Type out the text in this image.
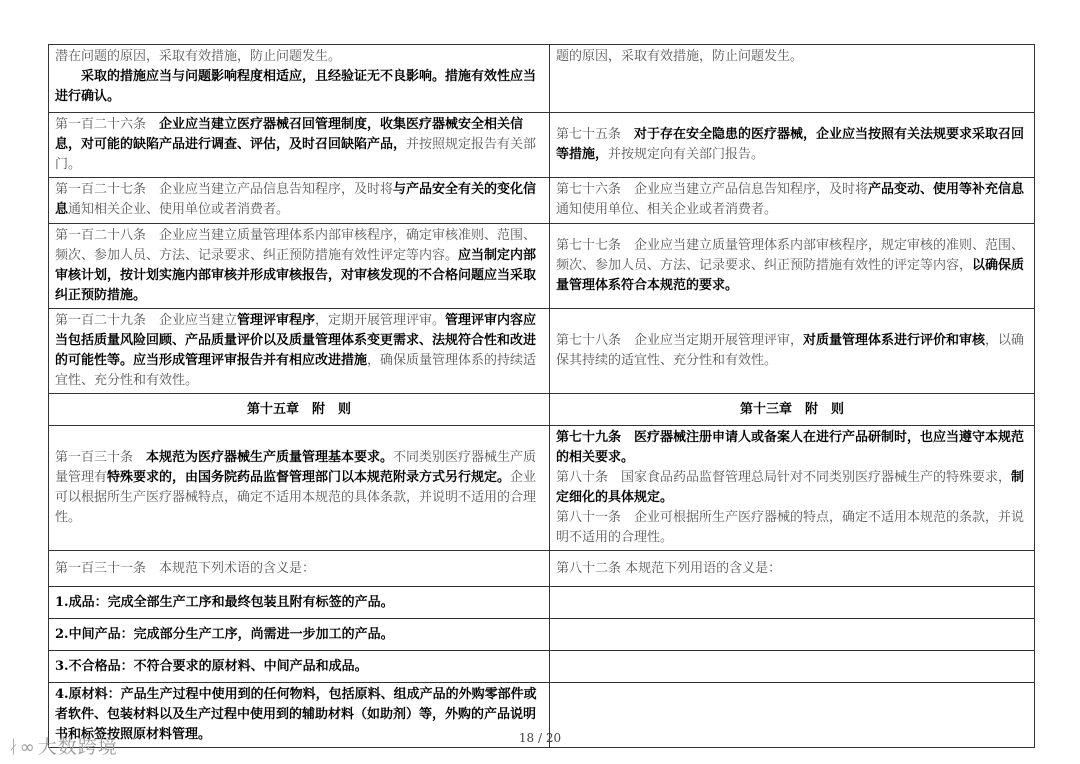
潜在问题的原因，采取有效措施，防止问题发生。
采取的措施应当与问题影响程度相适应，且经验证无不良影响。措施有效性应当进行确认。	题的原因，采取有效措施，防止问题发生。

第一百二十六条　企业应当建立医疗器械召回管理制度，收集医疗器械安全相关信息，对可能的缺陷产品进行调查、评估，及时召回缺陷产品，并按照规定报告有关部门。	第七十五条　对于存在安全隐患的医疗器械，企业应当按照有关法规要求采取召回等措施，并按规定向有关部门报告。
第一百二十七条　企业应当建立产品信息告知程序，及时将与产品安全有关的变化信息通知相关企业、使用单位或者消费者。	第七十六条　企业应当建立产品信息告知程序，及时将产品变动、使用等补充信息通知使用单位、相关企业或者消费者。
第一百二十八条　企业应当建立质量管理体系内部审核程序，确定审核准则、范围、频次、参加人员、方法、记录要求、纠正预防措施有效性评定等内容。应当制定内部审核计划，按计划实施内部审核并形成审核报告，对审核发现的不合格问题应当采取纠正预防措施。	第七十七条　企业应当建立质量管理体系内部审核程序，规定审核的准则、范围、频次、参加人员、方法、记录要求、纠正预防措施有效性的评定等内容，以确保质量管理体系符合本规范的要求。
第一百二十九条　企业应当建立管理评审程序，定期开展管理评审。管理评审内容应当包括质量风险回顾、产品质量评价以及质量管理体系变更需求、法规符合性和改进的可能性等。应当形成管理评审报告并有相应改进措施，确保质量管理体系的持续适宜性、充分性和有效性。	第七十八条　企业应当定期开展管理评审，对质量管理体系进行评价和审核，以确保其持续的适宜性、充分性和有效性。
第十五章　附　则	第十三章　附　则
第一百三十条　本规范为医疗器械生产质量管理基本要求。不同类别医疗器械生产质量管理有特殊要求的，由国务院药品监督管理部门以本规范附录方式另行规定。企业可以根据所生产医疗器械特点，确定不适用本规范的具体条款，并说明不适用的合理性。	第七十九条　医疗器械注册申请人或备案人在进行产品研制时，也应当遵守本规范的相关要求。
第八十条　国家食品药品监督管理总局针对不同类别医疗器械生产的特殊要求，制定细化的具体规定。
第八十一条　企业可根据所生产医疗器械的特点，确定不适用本规范的条款，并说明不适用的合理性。

第一百三十一条　本规范下列术语的含义是：	第八十二条 本规范下列用语的含义是：
1.成品：完成全部生产工序和最终包装且附有标签的产品。	
2.中间产品：完成部分生产工序，尚需进一步加工的产品。	
3.不合格品：不符合要求的原材料、中间产品和成品。	
4.原材料：产品生产过程中使用到的任何物料，包括原料、组成产品的外购零部件或者软件、包装材料以及生产过程中使用到的辅助材料（如助剂）等，外购的产品说明书和标签按照原材料管理。		18 / 20
ᛅ∞ 大数跨境
